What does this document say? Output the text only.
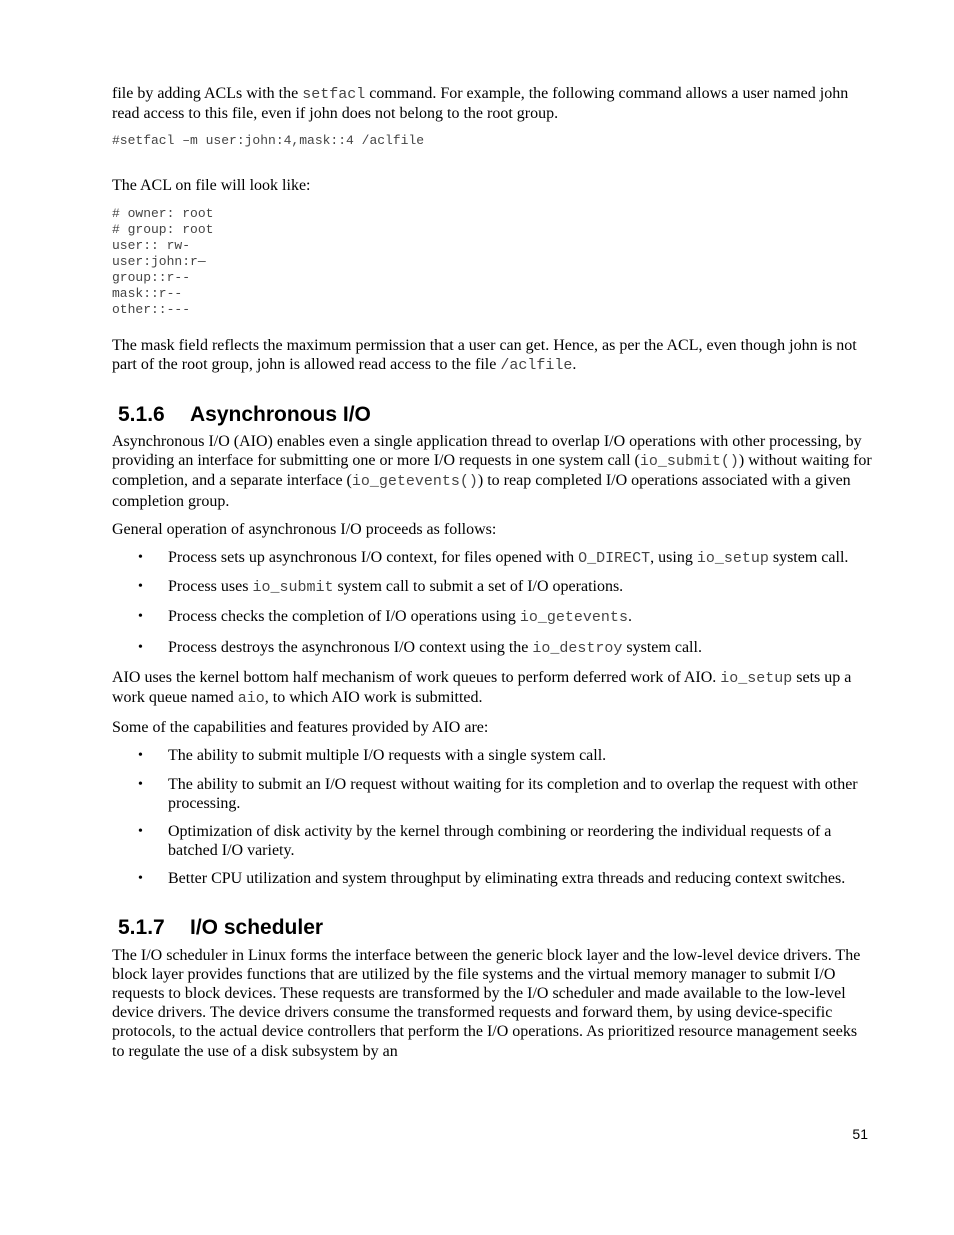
file by adding ACLs with the setfacl command. For example, the following command allows a user named john read access to this file, even if john does not belong to the root group.

#setfacl –m user:john:4,mask::4 /aclfile

The ACL on file will look like:

# owner: root
# group: root
user:: rw-
user:john:r—
group::r--
mask::r--
other::---

The mask field reflects the maximum permission that a user can get. Hence, as per the ACL, even though john is not part of the root group, john is allowed read access to the file /aclfile.

5.1.6 Asynchronous I/O

Asynchronous I/O (AIO) enables even a single application thread to overlap I/O operations with other processing, by providing an interface for submitting one or more I/O requests in one system call (io_submit()) without waiting for completion, and a separate interface (io_getevents()) to reap completed I/O operations associated with a given completion group.

General operation of asynchronous I/O proceeds as follows:

• Process sets up asynchronous I/O context, for files opened with O_DIRECT, using io_setup system call.
• Process uses io_submit system call to submit a set of I/O operations.
• Process checks the completion of I/O operations using io_getevents.
• Process destroys the asynchronous I/O context using the io_destroy system call.

AIO uses the kernel bottom half mechanism of work queues to perform deferred work of AIO. io_setup sets up a work queue named aio, to which AIO work is submitted.

Some of the capabilities and features provided by AIO are:

• The ability to submit multiple I/O requests with a single system call.
• The ability to submit an I/O request without waiting for its completion and to overlap the request with other processing.
• Optimization of disk activity by the kernel through combining or reordering the individual requests of a batched I/O variety.
• Better CPU utilization and system throughput by eliminating extra threads and reducing context switches.
5.1.7 I/O scheduler

The I/O scheduler in Linux forms the interface between the generic block layer and the low-level device drivers. The block layer provides functions that are utilized by the file systems and the virtual memory manager to submit I/O requests to block devices. These requests are transformed by the I/O scheduler and made available to the low-level device drivers. The device drivers consume the transformed requests and forward them, by using device-specific protocols, to the actual device controllers that perform the I/O operations. As prioritized resource management seeks to regulate the use of a disk subsystem by an

51
